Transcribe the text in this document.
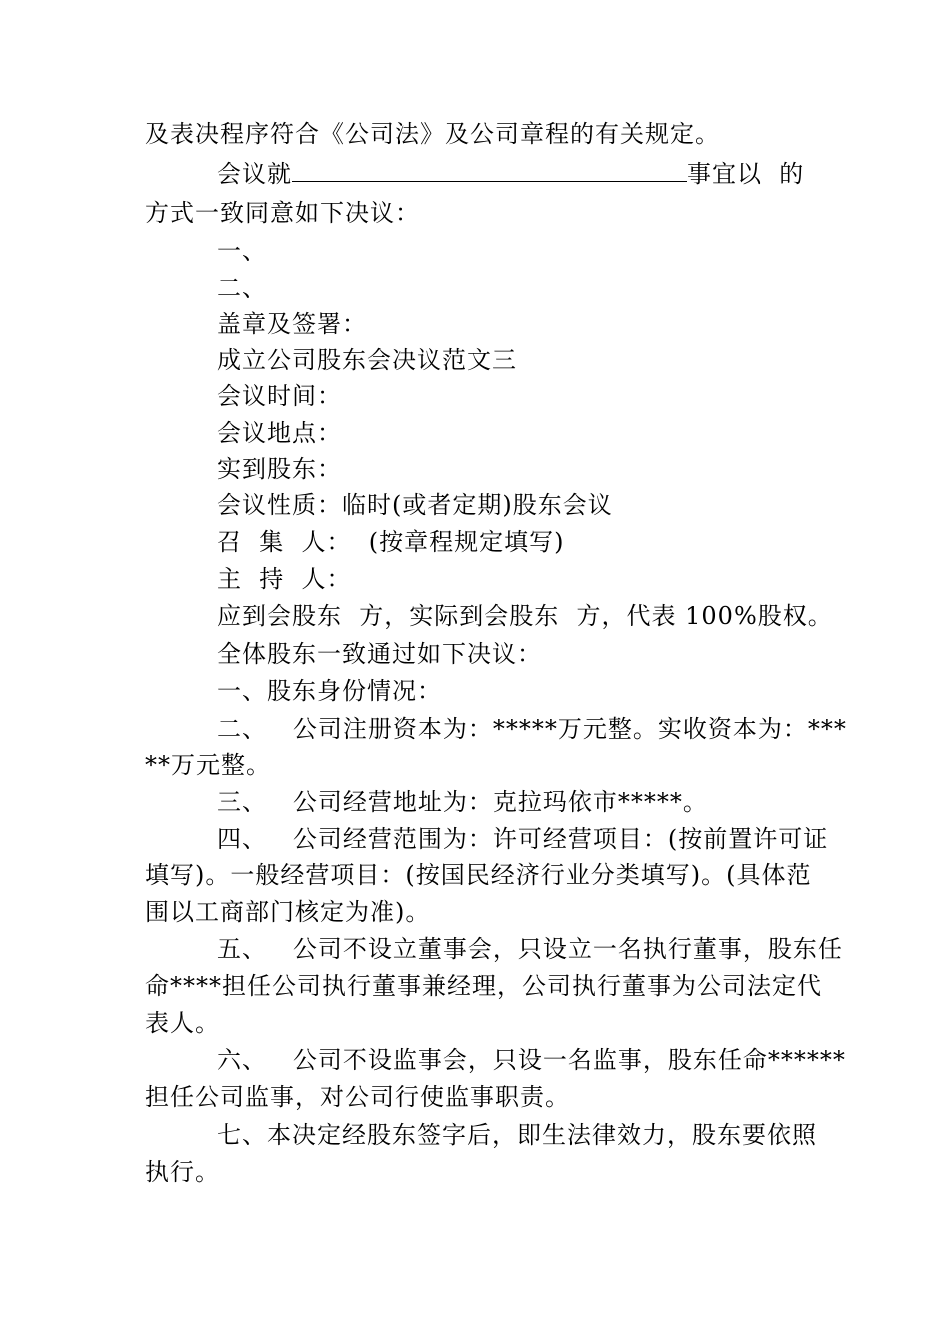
及表决程序符合《公司法》及公司章程的有关规定。
会议就	事宜以  的
方式一致同意如下决议：
一、
二、
盖章及签署：
成立公司股东会决议范文三
会议时间：
会议地点：
实到股东：
会议性质：临时(或者定期)股东会议
召  集  人：  (按章程规定填写)
主  持  人：
应到会股东  方，实际到会股东  方，代表 100%股权。
全体股东一致通过如下决议：
一、股东身份情况：
二、   公司注册资本为：*****万元整。实收资本为：***
**万元整。
三、   公司经营地址为：克拉玛依市*****。
四、   公司经营范围为：许可经营项目：(按前置许可证
填写)。一般经营项目：(按国民经济行业分类填写)。(具体范
围以工商部门核定为准)。
五、   公司不设立董事会，只设立一名执行董事，股东任
命****担任公司执行董事兼经理，公司执行董事为公司法定代
表人。
六、   公司不设监事会，只设一名监事，股东任命******
担任公司监事，对公司行使监事职责。
七、本决定经股东签字后，即生法律效力，股东要依照
执行。
